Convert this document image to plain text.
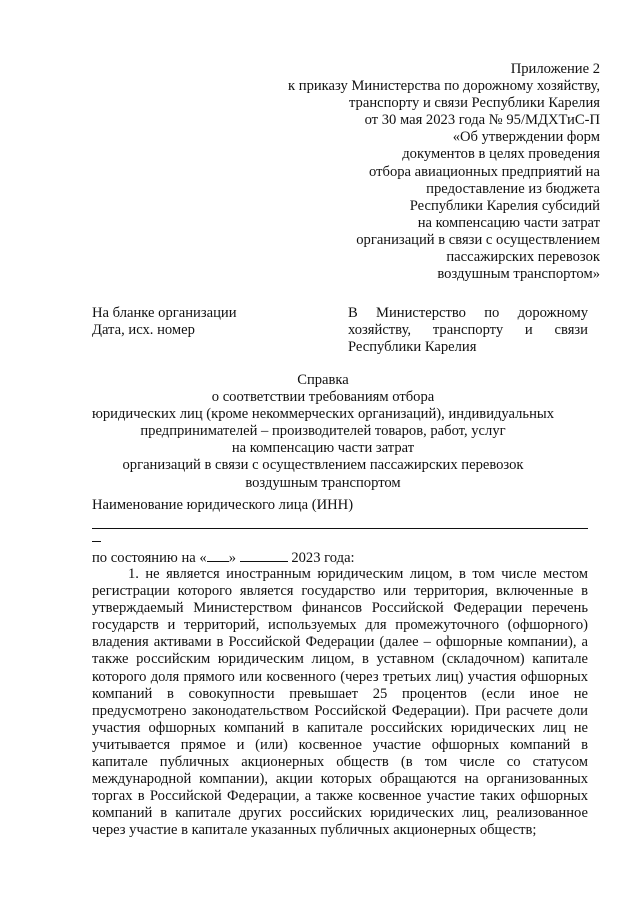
Приложение 2
к приказу Министерства по дорожному хозяйству,
транспорту и связи Республики Карелия
от 30 мая 2023 года № 95/МДХТиС-П
«Об утверждении форм
документов в целях проведения
отбора авиационных предприятий на
предоставление из бюджета
Республики Карелия субсидий
на компенсацию части затрат
организаций в связи с осуществлением
пассажирских перевозок
воздушным транспортом»
На бланке организации
Дата, исх. номер
В Министерство по дорожному хозяйству, транспорту и связи Республики Карелия
Справка
о соответствии требованиям отбора
юридических лиц (кроме некоммерческих организаций), индивидуальных
предпринимателей – производителей товаров, работ, услуг
на компенсацию части затрат
организаций в связи с осуществлением пассажирских перевозок
воздушным транспортом
Наименование юридического лица (ИНН)
по состоянию на « »	2023 года:

1. не является иностранным юридическим лицом, в том числе местом регистрации которого является государство или территория, включенные в утверждаемый Министерством финансов Российской Федерации перечень государств и территорий, используемых для промежуточного (офшорного) владения активами в Российской Федерации (далее – офшорные компании), а также российским юридическим лицом, в уставном (складочном) капитале которого доля прямого или косвенного (через третьих лиц) участия офшорных компаний в совокупности превышает 25 процентов (если иное не предусмотрено законодательством Российской Федерации). При расчете доли участия офшорных компаний в капитале российских юридических лиц не учитывается прямое и (или) косвенное участие офшорных компаний в капитале публичных акционерных обществ (в том числе со статусом международной компании), акции которых обращаются на организованных торгах в Российской Федерации, а также косвенное участие таких офшорных компаний в капитале других российских юридических лиц, реализованное через участие в капитале указанных публичных акционерных обществ;
